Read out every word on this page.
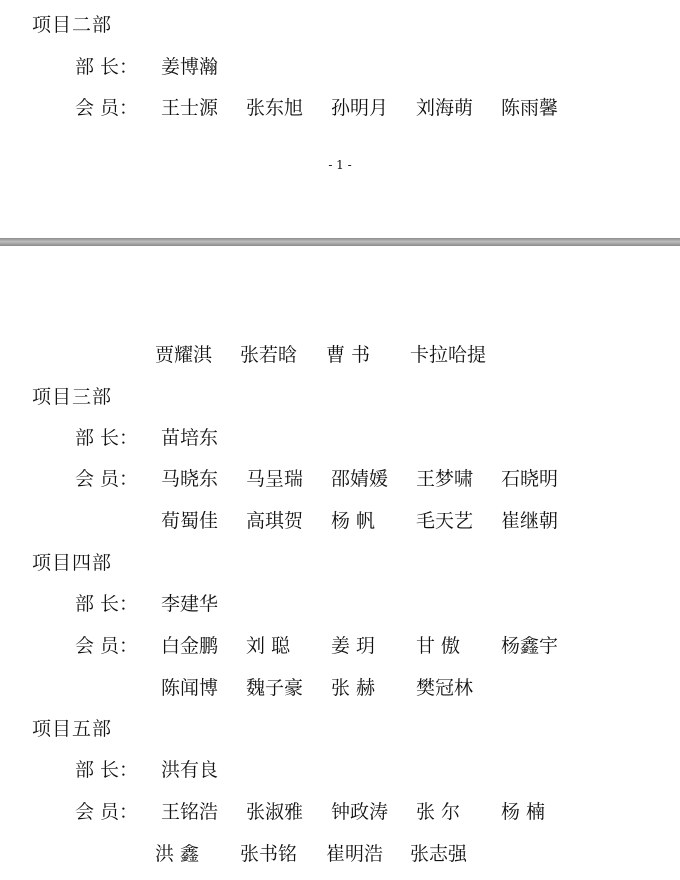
项目二部
部 长：	姜博瀚
会 员：	王士源 张东旭 孙明月 刘海萌 陈雨馨
- 1 -
贾耀淇 张若晗 曹 书 卡拉哈提
项目三部
部 长：	苗培东
会 员：	马晓东 马呈瑞 邵婧媛 王梦啸 石晓明
荀蜀佳 高琪贺 杨 帆 毛天艺 崔继朝
项目四部
部 长：	李建华
会 员：	白金鹏 刘 聪 姜 玥 甘 傲 杨鑫宇
陈闻博 魏子豪 张 赫 樊冠林
项目五部
部 长：	洪有良
会 员：	王铭浩 张淑雅 钟政涛 张 尔 杨 楠
洪 鑫 张书铭 崔明浩 张志强
